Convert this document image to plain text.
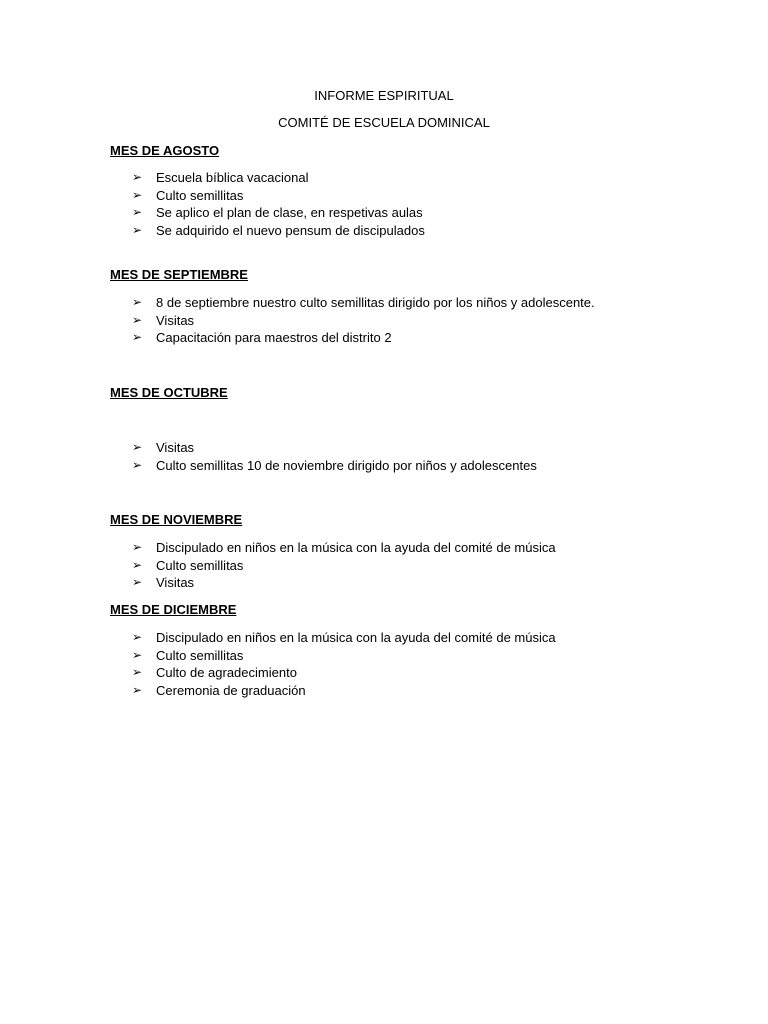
INFORME ESPIRITUAL
COMITÉ DE ESCUELA DOMINICAL
MES DE AGOSTO
➢	Escuela bíblica vacacional
➢	Culto semillitas
➢	Se aplico el plan de clase, en respetivas aulas
➢	Se adquirido el nuevo pensum de discipulados
MES DE SEPTIEMBRE
➢	8 de septiembre nuestro culto semillitas dirigido por los niños y adolescente.
➢	Visitas
➢	Capacitación para maestros del distrito 2
MES DE OCTUBRE
➢	Visitas
➢	Culto semillitas 10 de noviembre dirigido por niños y adolescentes
MES DE NOVIEMBRE
➢	Discipulado en niños en la música con la ayuda del comité de música
➢	Culto semillitas
➢	Visitas
MES DE DICIEMBRE
➢	Discipulado en niños en la música con la ayuda del comité de música
➢	Culto semillitas
➢	Culto de agradecimiento
➢	Ceremonia de graduación
